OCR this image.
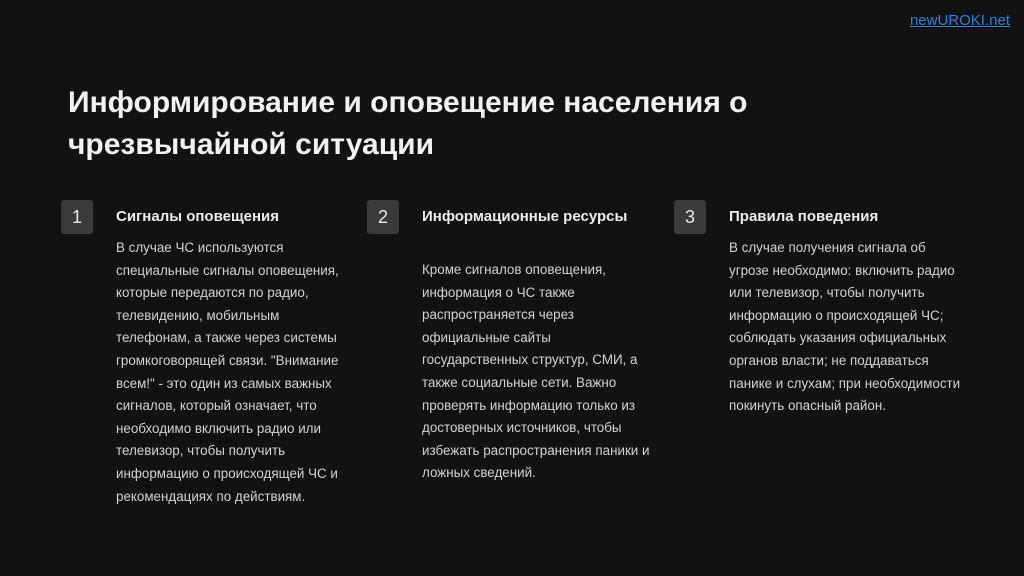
newUROKI.net
Информирование и оповещение населения о чрезвычайной ситуации
1	Сигналы оповещения

В случае ЧС используются специальные сигналы оповещения, которые передаются по радио, телевидению, мобильным телефонам, а также через системы громкоговорящей связи. "Внимание всем!" - это один из самых важных сигналов, который означает, что необходимо включить радио или телевизор, чтобы получить информацию о происходящей ЧС и рекомендациях по действиям.

2	Информационные ресурсы

Кроме сигналов оповещения, информация о ЧС также распространяется через официальные сайты государственных структур, СМИ, а также социальные сети. Важно проверять информацию только из достоверных источников, чтобы избежать распространения паники и ложных сведений.

3	Правила поведения

В случае получения сигнала об угрозе необходимо: включить радио или телевизор, чтобы получить информацию о происходящей ЧС; соблюдать указания официальных органов власти; не поддаваться панике и слухам; при необходимости покинуть опасный район.
